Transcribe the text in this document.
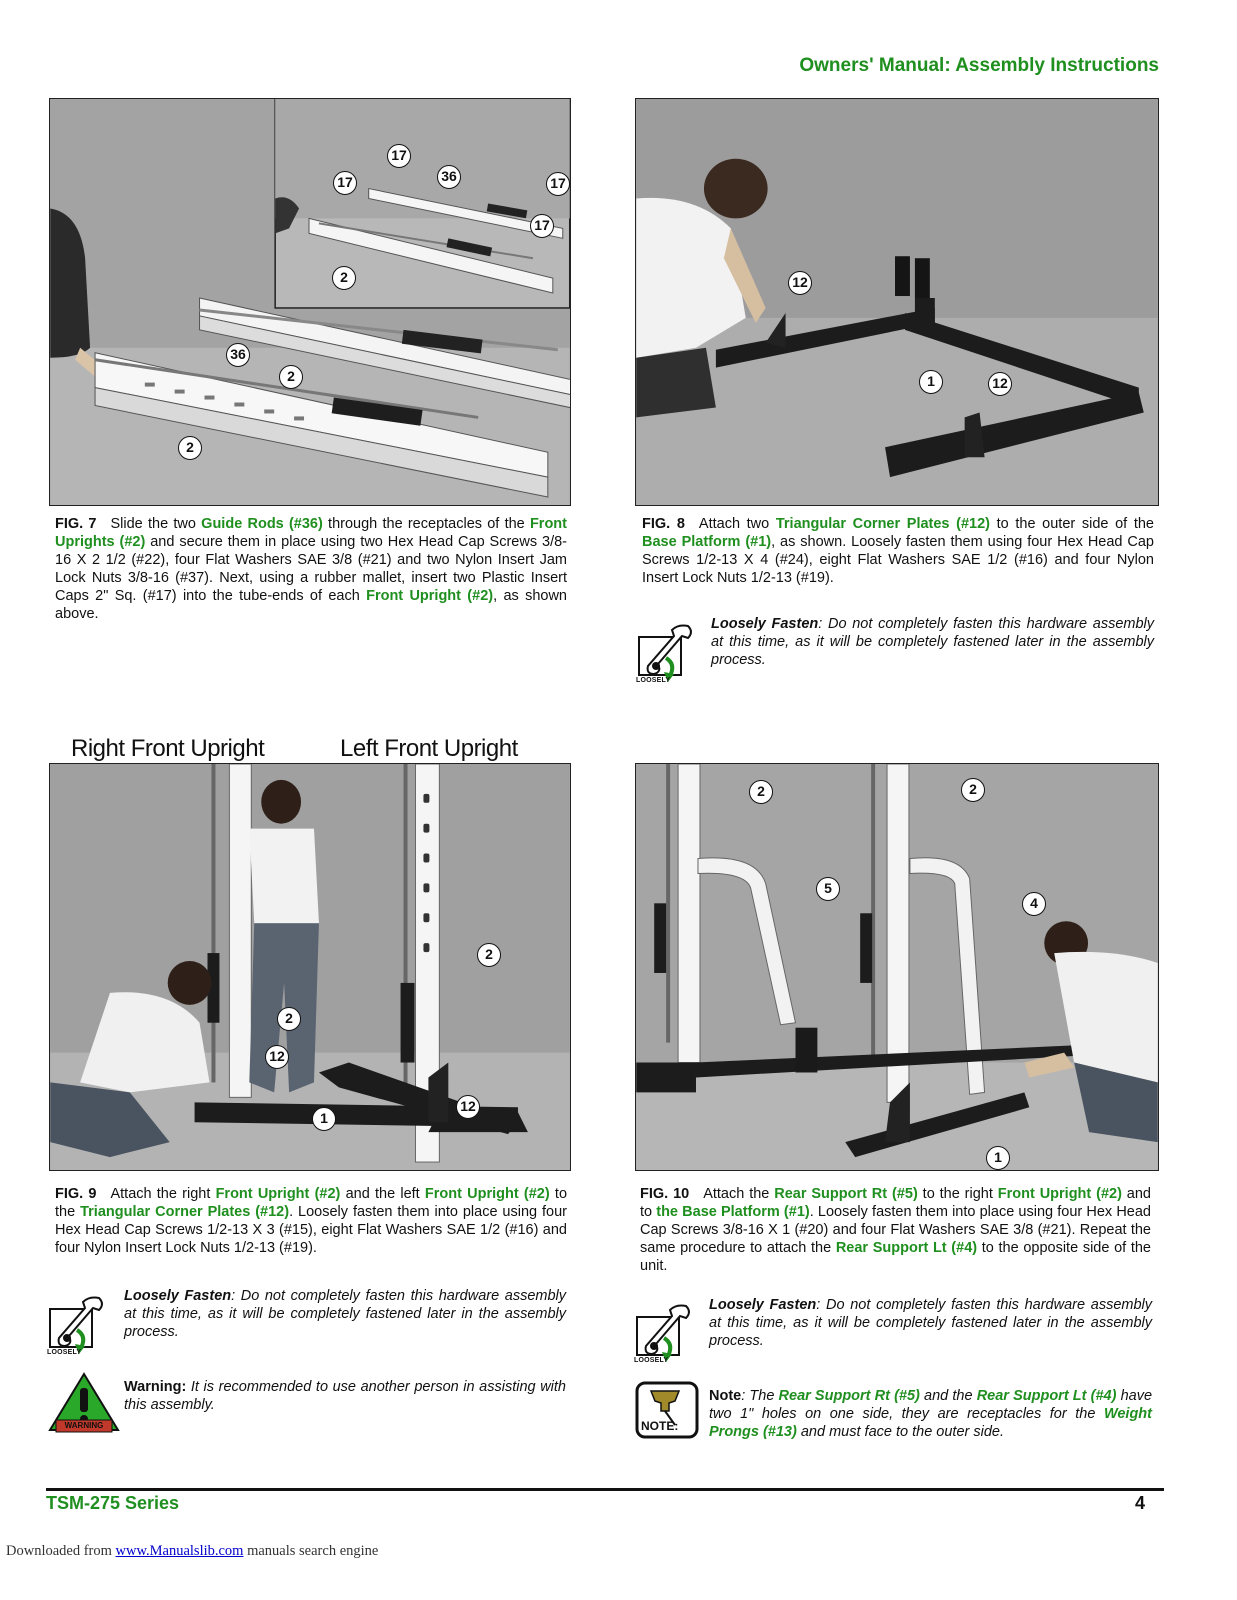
Owners' Manual: Assembly Instructions
17
36
17	17
17
2
36
2
2
FIG. 7 Slide the two Guide Rods (#36) through the receptacles of the Front Uprights (#2) and secure them in place using two Hex Head Cap Screws 3/8-16 X 2 1/2 (#22), four Flat Washers SAE 3/8 (#21) and two Nylon Insert Jam Lock Nuts 3/8-16 (#37). Next, using a rubber mallet, insert two Plastic Insert Caps 2" Sq. (#17) into the tube-ends of each Front Upright (#2), as shown above.
12
1	12
FIG. 8 Attach two Triangular Corner Plates (#12) to the outer side of the Base Platform (#1), as shown. Loosely fasten them using four Hex Head Cap Screws 1/2-13 X 4 (#24), eight Flat Washers SAE 1/2 (#16) and four Nylon Insert Lock Nuts 1/2-13 (#19).
LOOSELY
Loosely Fasten: Do not completely fasten this hardware assembly at this time, as it will be completely fastened later in the assembly process.
Right Front Upright	Left Front Upright
2
2
12
1
12
FIG. 9 Attach the right Front Upright (#2) and the left Front Upright (#2) to the Triangular Corner Plates (#12). Loosely fasten them into place using four Hex Head Cap Screws 1/2-13 X 3 (#15), eight Flat Washers SAE 1/2 (#16) and four Nylon Insert Lock Nuts 1/2-13 (#19).
LOOSELY
Loosely Fasten: Do not completely fasten this hardware assembly at this time, as it will be completely fastened later in the assembly process.
WARNING
Warning: It is recommended to use another person in assisting with this assembly.
2	2
5
4
1
FIG. 10 Attach the Rear Support Rt (#5) to the right Front Upright (#2) and to the Base Platform (#1). Loosely fasten them into place using four Hex Head Cap Screws 3/8-16 X 1 (#20) and four Flat Washers SAE 3/8 (#21). Repeat the same procedure to attach the Rear Support Lt (#4) to the opposite side of the unit.
LOOSELY
Loosely Fasten: Do not completely fasten this hardware assembly at this time, as it will be completely fastened later in the assembly process.
NOTE:
Note: The Rear Support Rt (#5) and the Rear Support Lt (#4) have two 1" holes on one side, they are receptacles for the Weight Prongs (#13) and must face to the outer side.
TSM-275 Series	4
Downloaded from www.Manualslib.com manuals search engine
